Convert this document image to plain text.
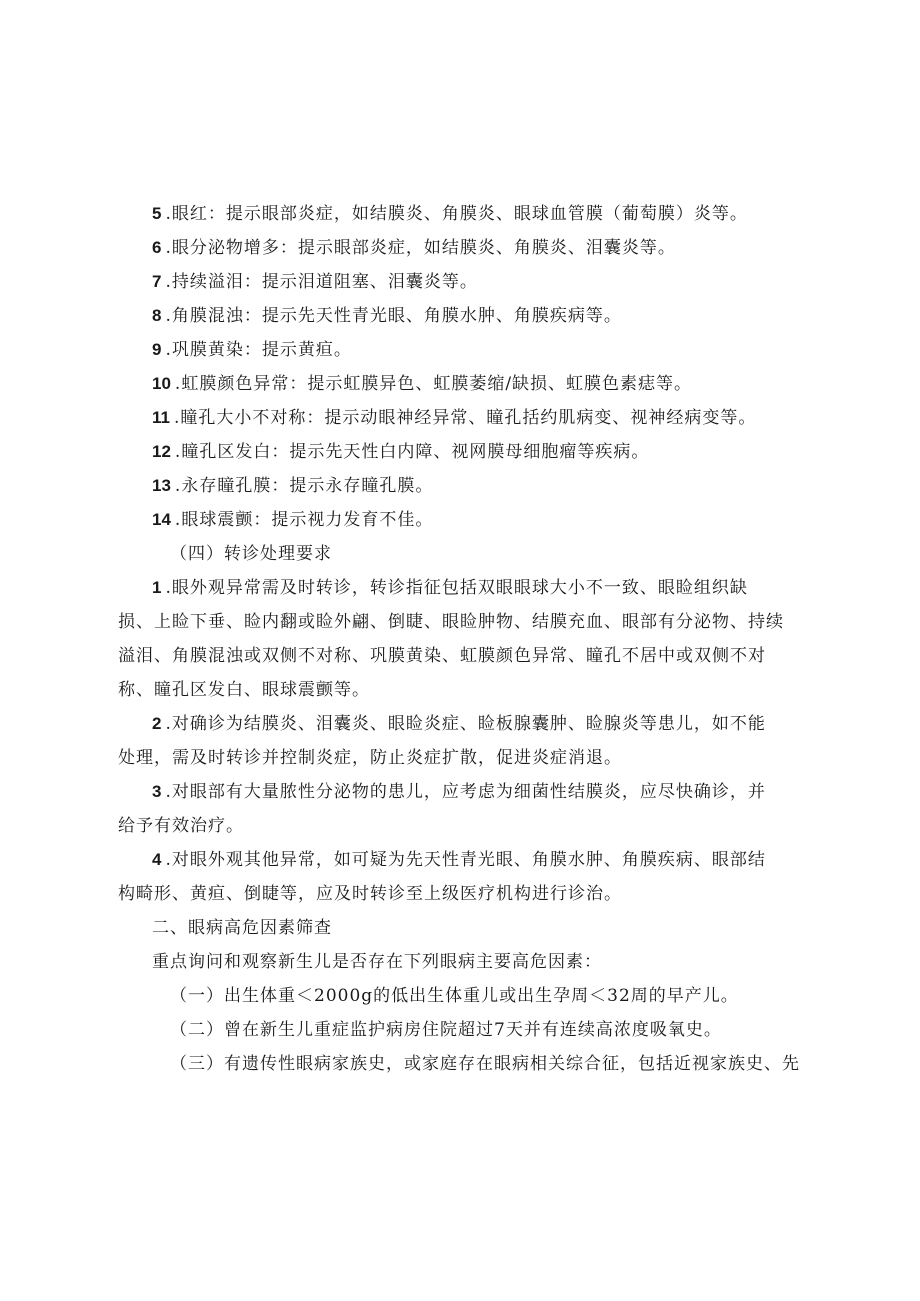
5 .眼红：提示眼部炎症，如结膜炎、角膜炎、眼球血管膜（葡萄膜）炎等。
6 .眼分泌物增多：提示眼部炎症，如结膜炎、角膜炎、泪囊炎等。
7 .持续溢泪：提示泪道阻塞、泪囊炎等。
8 .角膜混浊：提示先天性青光眼、角膜水肿、角膜疾病等。
9 .巩膜黄染：提示黄疸。
10 .虹膜颜色异常：提示虹膜异色、虹膜萎缩/缺损、虹膜色素痣等。
11 .瞳孔大小不对称：提示动眼神经异常、瞳孔括约肌病变、视神经病变等。
12 .瞳孔区发白：提示先天性白内障、视网膜母细胞瘤等疾病。
13 .永存瞳孔膜：提示永存瞳孔膜。
14 .眼球震颤：提示视力发育不佳。
（四）转诊处理要求
1 .眼外观异常需及时转诊，转诊指征包括双眼眼球大小不一致、眼睑组织缺
损、上睑下垂、睑内翻或睑外翩、倒睫、眼睑肿物、结膜充血、眼部有分泌物、持续
溢泪、角膜混浊或双侧不对称、巩膜黄染、虹膜颜色异常、瞳孔不居中或双侧不对
称、瞳孔区发白、眼球震颤等。
2 .对确诊为结膜炎、泪囊炎、眼睑炎症、睑板腺囊肿、睑腺炎等患儿，如不能
处理，需及时转诊并控制炎症，防止炎症扩散，促进炎症消退。
3 .对眼部有大量脓性分泌物的患儿，应考虑为细菌性结膜炎，应尽快确诊，并
给予有效治疗。
4 .对眼外观其他异常，如可疑为先天性青光眼、角膜水肿、角膜疾病、眼部结
构畸形、黄疸、倒睫等，应及时转诊至上级医疗机构进行诊治。
二、眼病高危因素筛查
重点询问和观察新生儿是否存在下列眼病主要高危因素：
（一）出生体重＜2000g的低出生体重儿或出生孕周＜32周的早产儿。
（二）曾在新生儿重症监护病房住院超过7天并有连续高浓度吸氧史。
（三）有遗传性眼病家族史，或家庭存在眼病相关综合征，包括近视家族史、先
